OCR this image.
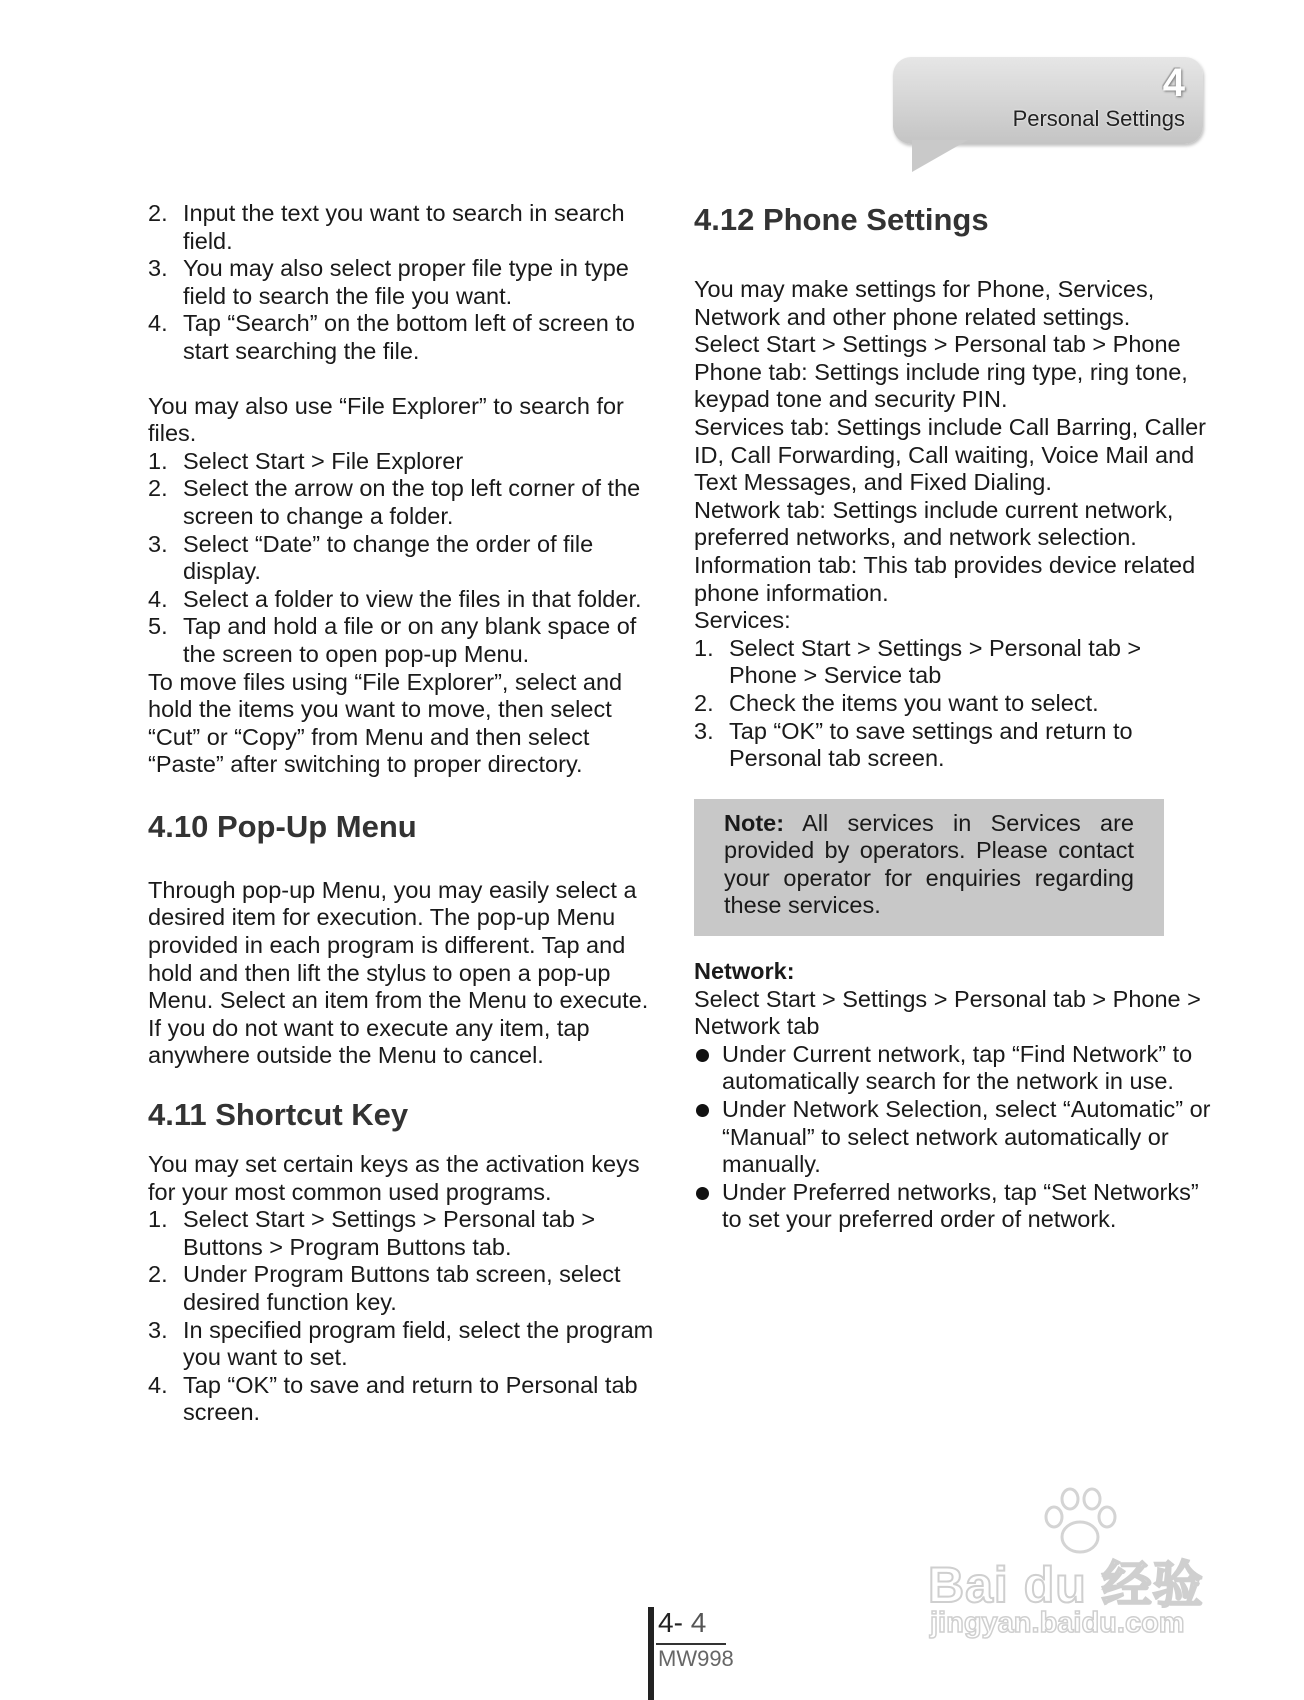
4
Personal Settings
2. Input the text you want to search in search field.
3. You may also select proper file type in type field to search the file you want.
4. Tap “Search” on the bottom left of screen to start searching the file.

You may also use “File Explorer” to search for files.

1. Select Start > File Explorer
2. Select the arrow on the top left corner of the screen to change a folder.
3. Select “Date” to change the order of file display.
4. Select a folder to view the files in that folder.
5. Tap and hold a file or on any blank space of the screen to open pop-up Menu.

To move files using “File Explorer”, select and hold the items you want to move, then select “Cut” or “Copy” from Menu and then select “Paste” after switching to proper directory.

4.10 Pop-Up Menu

Through pop-up Menu, you may easily select a desired item for execution. The pop-up Menu provided in each program is different. Tap and hold and then lift the stylus to open a pop-up Menu. Select an item from the Menu to execute. If you do not want to execute any item, tap anywhere outside the Menu to cancel.

4.11 Shortcut Key

You may set certain keys as the activation keys for your most common used programs.

1. Select Start > Settings > Personal tab > Buttons > Program Buttons tab.
2. Under Program Buttons tab screen, select desired function key.
3. In specified program field, select the program you want to set.
4. Tap “OK” to save and return to Personal tab screen.
4.12 Phone Settings

You may make settings for Phone, Services, Network and other phone related settings.

Select Start > Settings > Personal tab > Phone

Phone tab: Settings include ring type, ring tone, keypad tone and security PIN.

Services tab: Settings include Call Barring, Caller ID, Call Forwarding, Call waiting, Voice Mail and Text Messages, and Fixed Dialing.

Network tab: Settings include current network, preferred networks, and network selection.

Information tab: This tab provides device related phone information.

Services:

1. Select Start > Settings > Personal tab > Phone > Service tab
2. Check the items you want to select.
3. Tap “OK” to save settings and return to Personal tab screen.
Note: All services in Services are provided by operators. Please contact your operator for enquiries regarding these services.

Network:

Select Start > Settings > Personal tab > Phone > Network tab

Under Current network, tap “Find Network” to automatically search for the network in use.
Under Network Selection, select “Automatic” or “Manual” to select network automatically or manually.
Under Preferred networks, tap “Set Networks” to set your preferred order of network.
Bai du 经验
jingyan.baidu.com
4- 4
MW998
